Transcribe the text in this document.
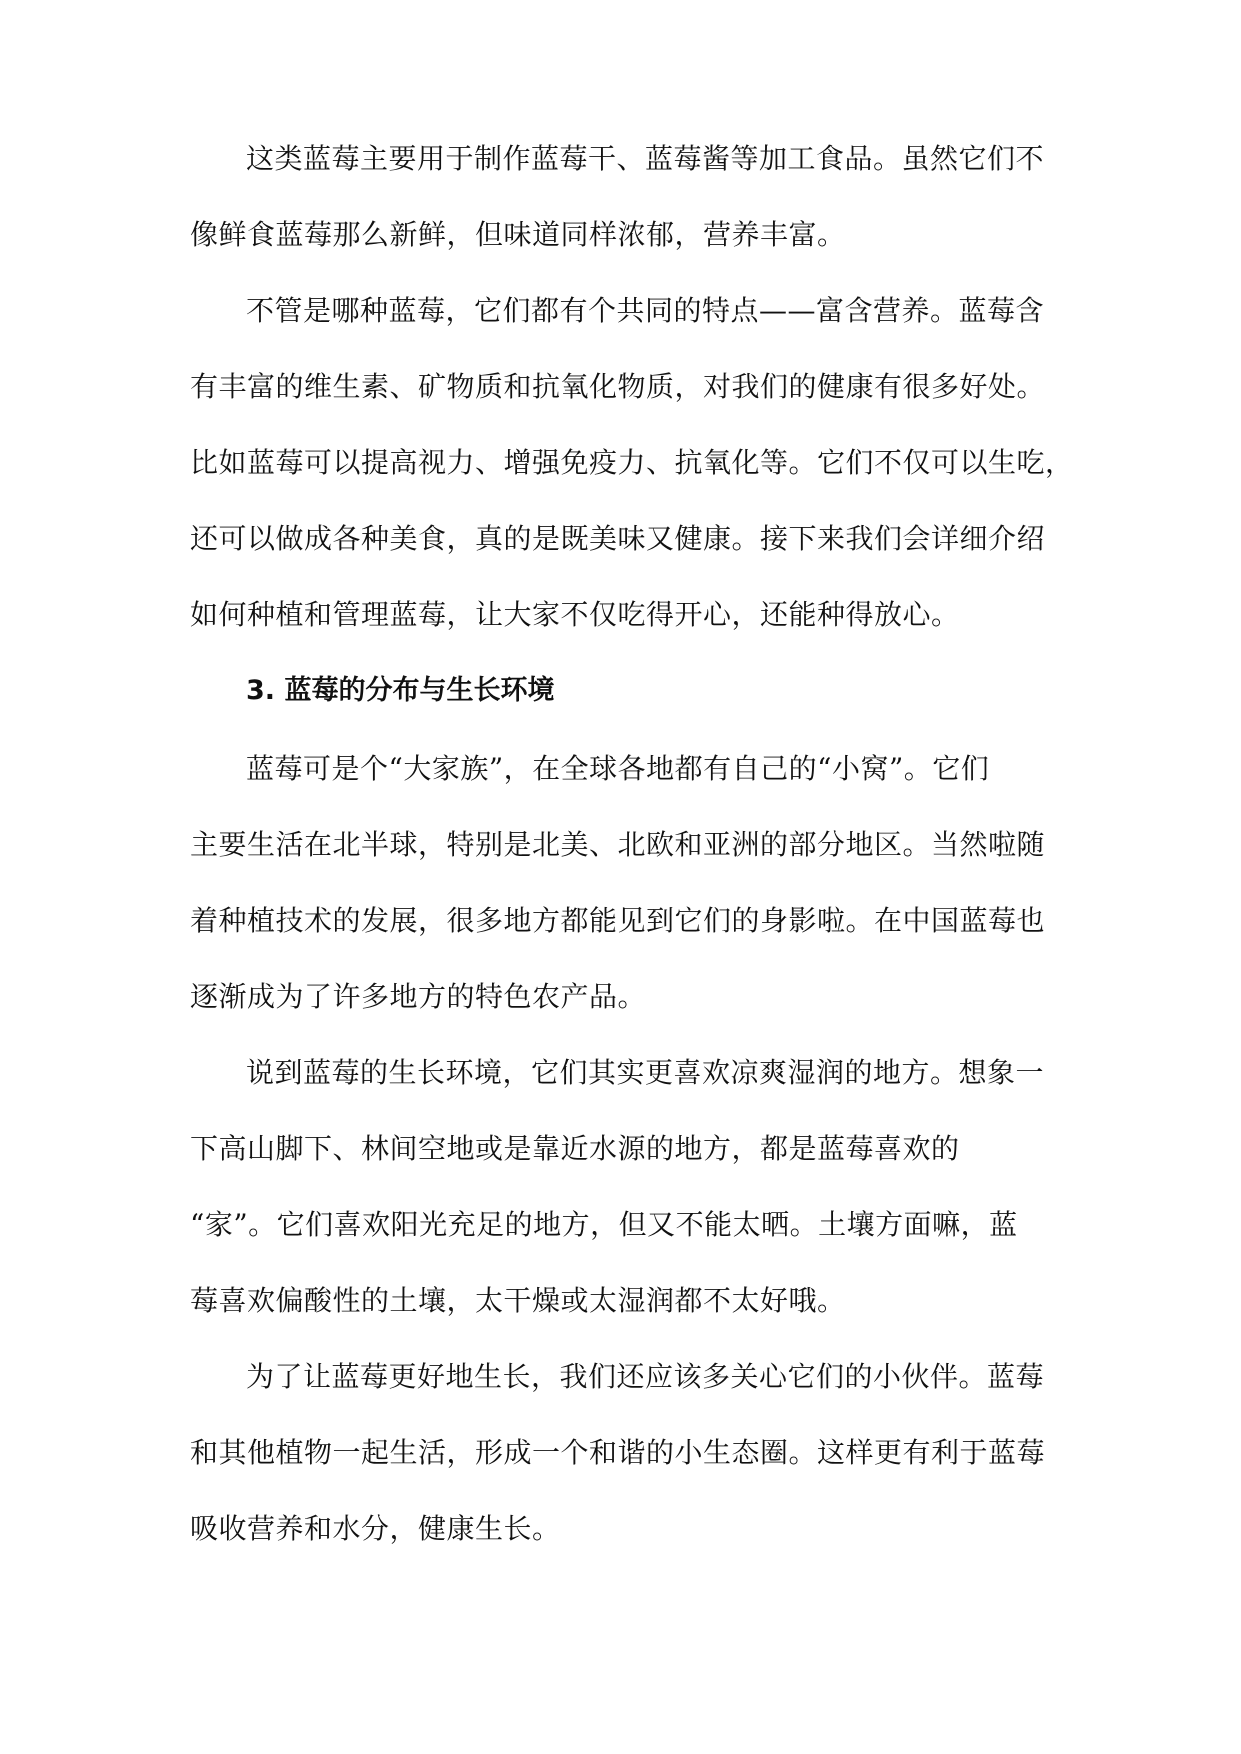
这类蓝莓主要用于制作蓝莓干、蓝莓酱等加工食品。虽然它们不
像鲜食蓝莓那么新鲜，但味道同样浓郁，营养丰富。
不管是哪种蓝莓，它们都有个共同的特点——富含营养。蓝莓含
有丰富的维生素、矿物质和抗氧化物质，对我们的健康有很多好处。
比如蓝莓可以提高视力、增强免疫力、抗氧化等。它们不仅可以生吃，
还可以做成各种美食，真的是既美味又健康。接下来我们会详细介绍
如何种植和管理蓝莓，让大家不仅吃得开心，还能种得放心。
3. 蓝莓的分布与生长环境
蓝莓可是个“大家族”，在全球各地都有自己的“小窝”。它们
主要生活在北半球，特别是北美、北欧和亚洲的部分地区。当然啦随
着种植技术的发展，很多地方都能见到它们的身影啦。在中国蓝莓也
逐渐成为了许多地方的特色农产品。
说到蓝莓的生长环境，它们其实更喜欢凉爽湿润的地方。想象一
下高山脚下、林间空地或是靠近水源的地方，都是蓝莓喜欢的
“家”。它们喜欢阳光充足的地方，但又不能太晒。土壤方面嘛，蓝
莓喜欢偏酸性的土壤，太干燥或太湿润都不太好哦。
为了让蓝莓更好地生长，我们还应该多关心它们的小伙伴。蓝莓
和其他植物一起生活，形成一个和谐的小生态圈。这样更有利于蓝莓
吸收营养和水分，健康生长。
